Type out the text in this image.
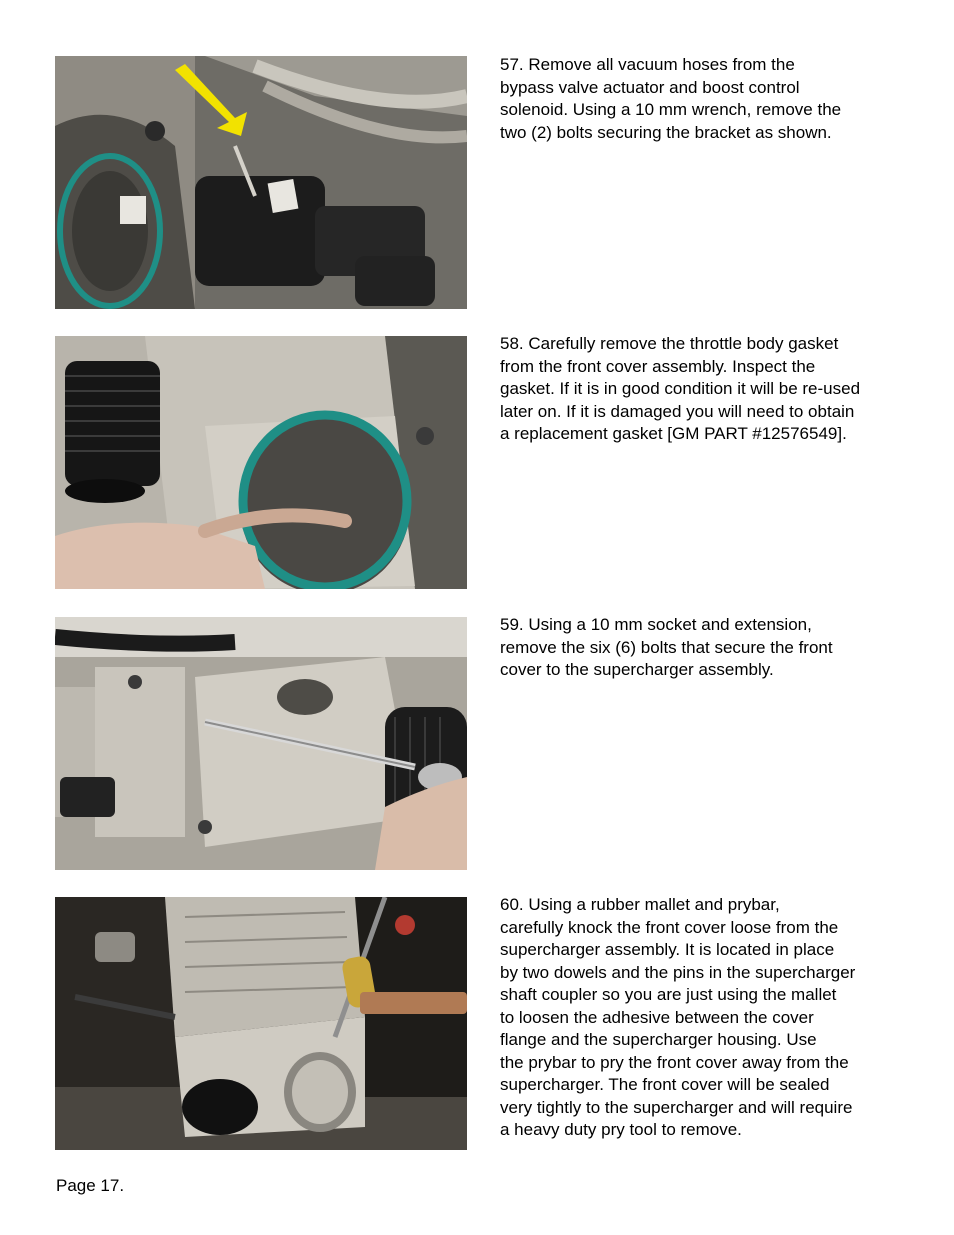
57. Remove all vacuum hoses from the
bypass valve actuator and boost control
solenoid. Using a 10 mm wrench, remove the
two (2) bolts securing the bracket as shown.
58. Carefully remove the throttle body gasket
from the front cover assembly. Inspect the
gasket. If it is in good condition it will be re-used
later on. If it is damaged you will need to obtain
a replacement gasket [GM PART #12576549].
59. Using a 10 mm socket and extension,
remove the six (6) bolts that secure the front
cover to the supercharger assembly.
60. Using a rubber mallet and prybar,
carefully knock the front cover loose from the
supercharger assembly. It is located in place
by two dowels and the pins in the supercharger
shaft coupler so you are just using the mallet
to loosen the adhesive between the cover
flange and the supercharger housing. Use
the prybar to pry the front cover away from the
supercharger. The front cover will be sealed
very tightly to the supercharger and will require
a heavy duty pry tool to remove.

Page 17.
